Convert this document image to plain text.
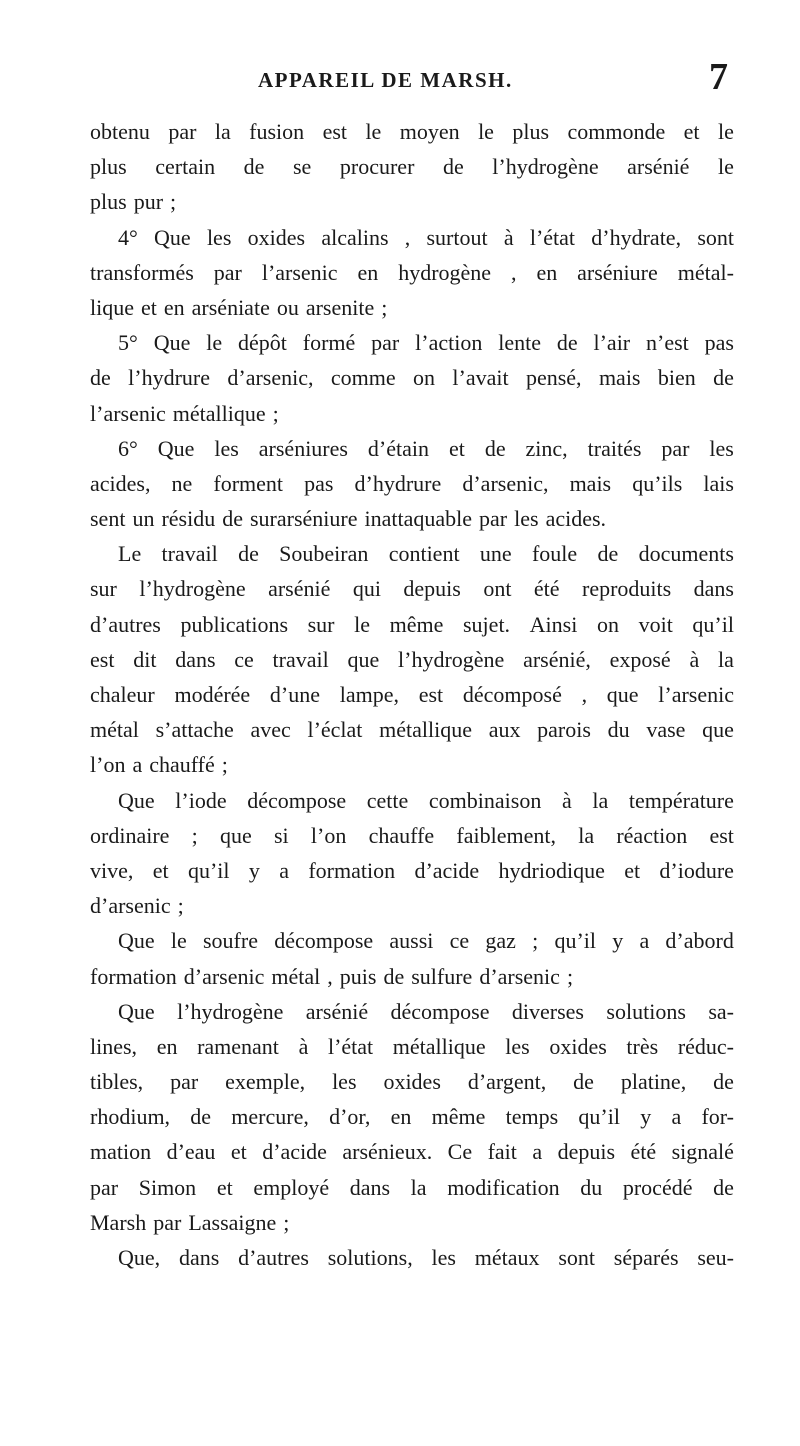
APPAREIL DE MARSH.	7
obtenu par la fusion est le moyen le plus commonde et le
plus certain de se procurer de l’hydrogène arsénié le
plus pur ;
4° Que les oxides alcalins , surtout à l’état d’hydrate, sont
transformés par l’arsenic en hydrogène , en arséniure métal-
lique et en arséniate ou arsenite ;
5° Que le dépôt formé par l’action lente de l’air n’est pas
de l’hydrure d’arsenic, comme on l’avait pensé, mais bien de
l’arsenic métallique ;
6° Que les arséniures d’étain et de zinc, traités par les
acides, ne forment pas d’hydrure d’arsenic, mais qu’ils lais
sent un résidu de surarséniure inattaquable par les acides.
Le travail de Soubeiran contient une foule de documents
sur l’hydrogène arsénié qui depuis ont été reproduits dans
d’autres publications sur le même sujet. Ainsi on voit qu’il
est dit dans ce travail que l’hydrogène arsénié, exposé à la
chaleur modérée d’une lampe, est décomposé , que l’arsenic
métal s’attache avec l’éclat métallique aux parois du vase que
l’on a chauffé ;
Que l’iode décompose cette combinaison à la température
ordinaire ; que si l’on chauffe faiblement, la réaction est
vive, et qu’il y a formation d’acide hydriodique et d’iodure
d’arsenic ;
Que le soufre décompose aussi ce gaz ; qu’il y a d’abord
formation d’arsenic métal , puis de sulfure d’arsenic ;
Que l’hydrogène arsénié décompose diverses solutions sa-
lines, en ramenant à l’état métallique les oxides très réduc-
tibles, par exemple, les oxides d’argent, de platine, de
rhodium, de mercure, d’or, en même temps qu’il y a for-
mation d’eau et d’acide arsénieux. Ce fait a depuis été signalé
par Simon et employé dans la modification du procédé de
Marsh par Lassaigne ;
Que, dans d’autres solutions, les métaux sont séparés seu-
